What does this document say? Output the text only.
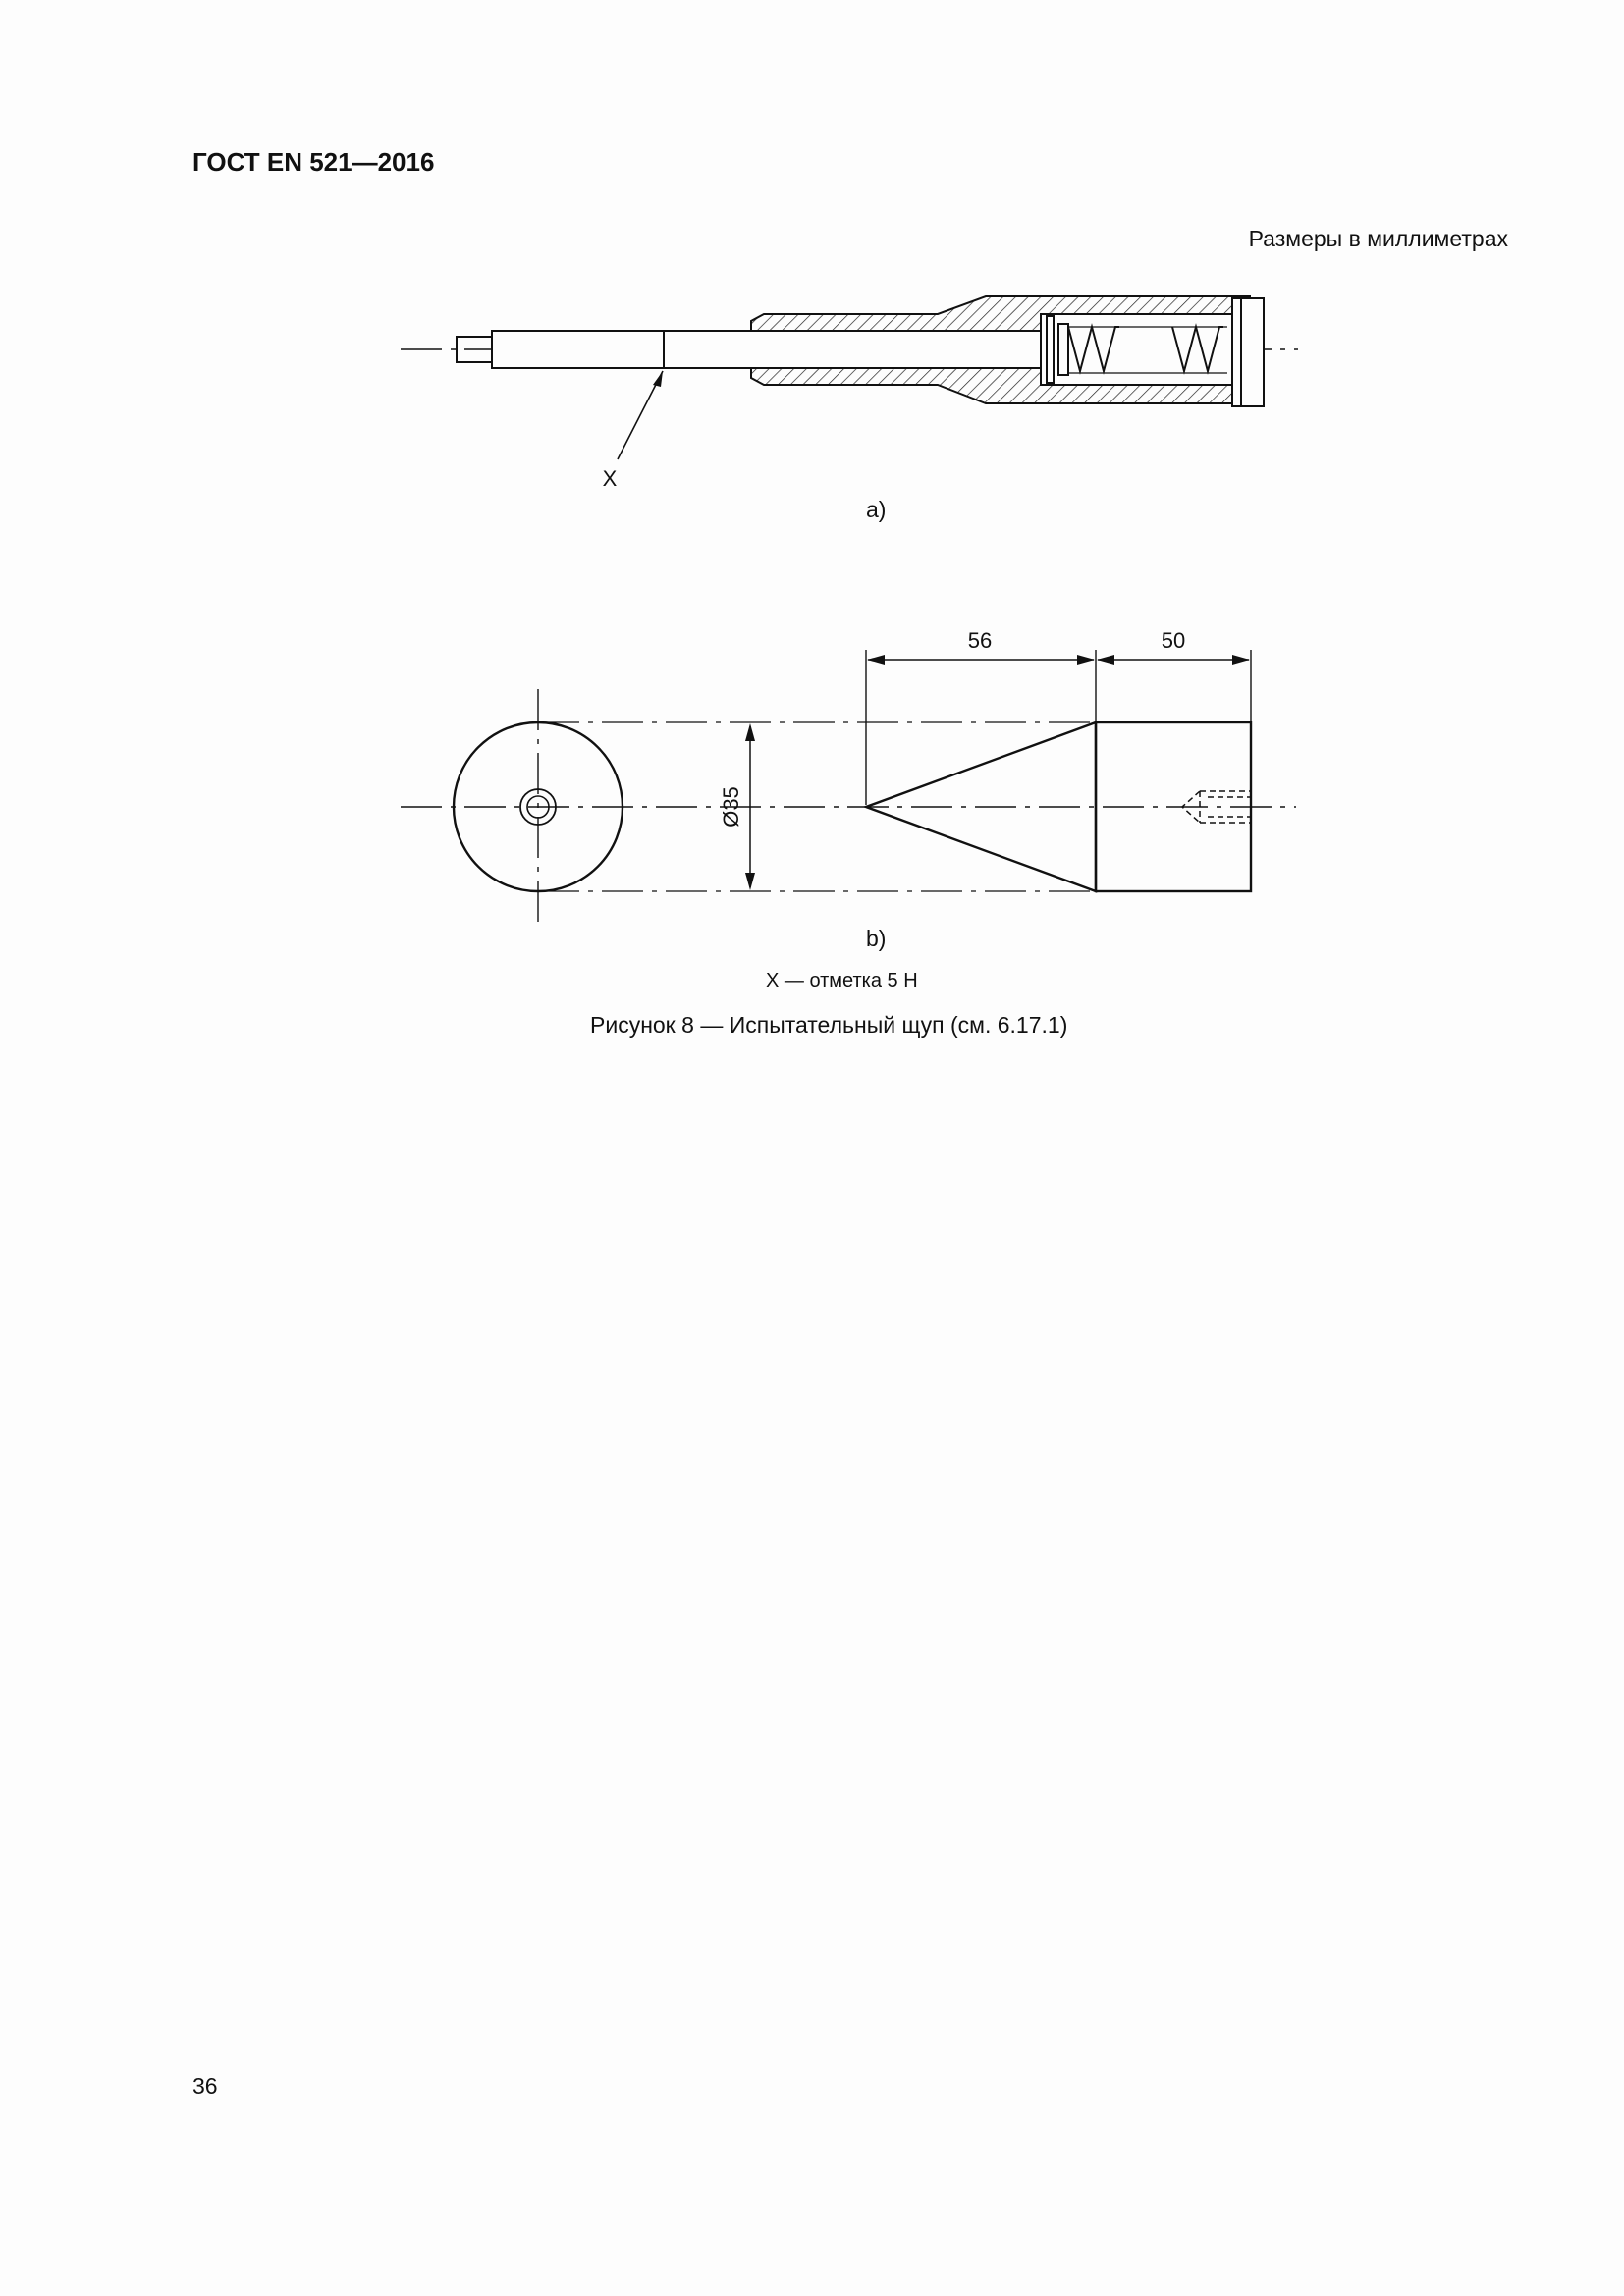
ГОСТ EN 521—2016
Размеры в миллиметрах
56	50
Ø35
X
a)
b)
X — отметка 5 Н
Рисунок 8 — Испытательный щуп (см. 6.17.1)
36
